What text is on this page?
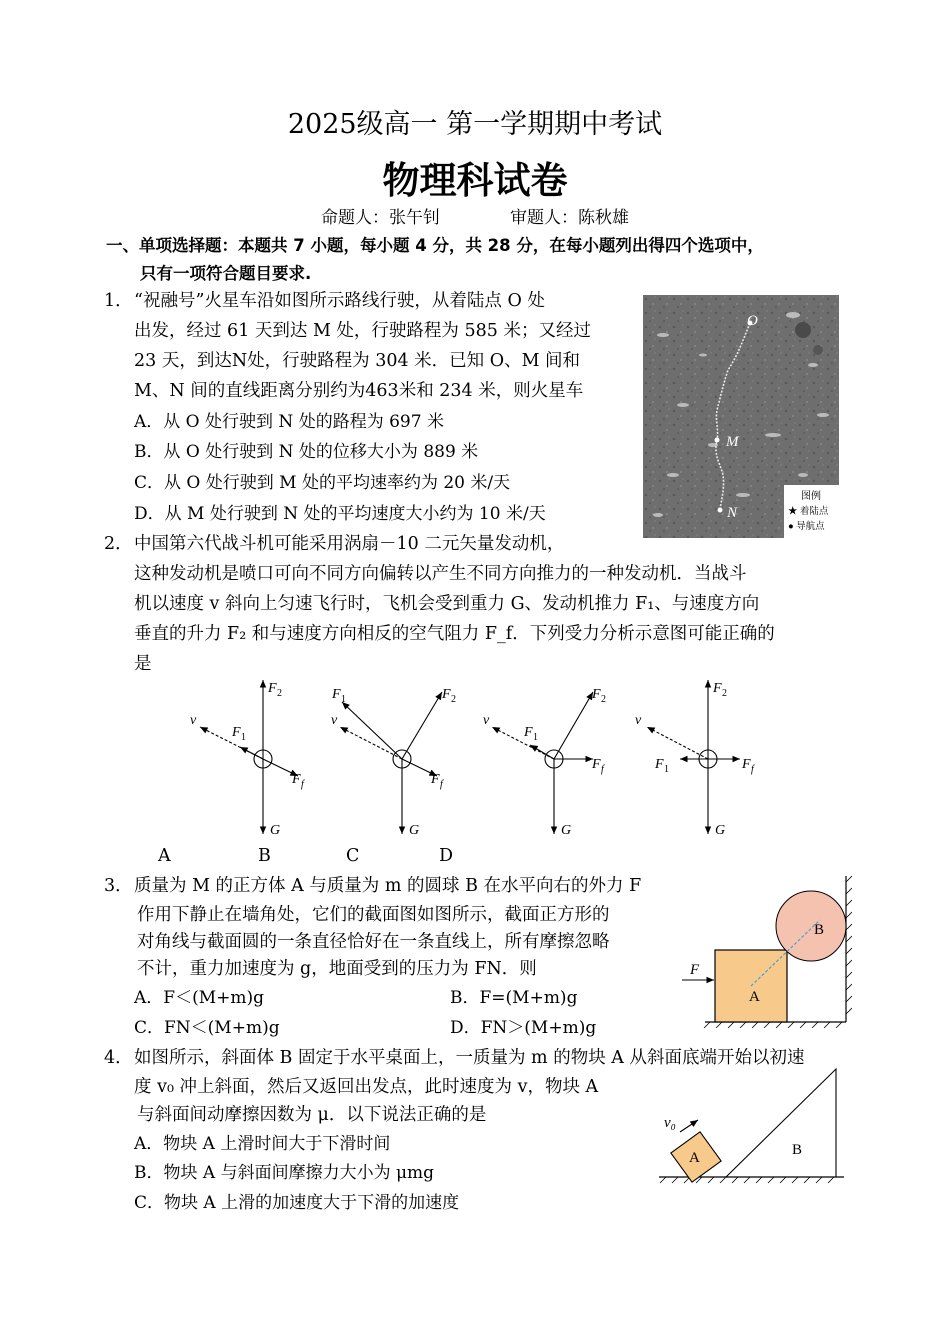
2025级高一 第一学期期中考试
物理科试卷
命题人：张午钊	审题人：陈秋雄
一、单项选择题：本题共 7 小题，每小题 4 分，共 28 分，在每小题列出得四个选项中，
只有一项符合题目要求.
1． “祝融号”火星车沿如图所示路线行驶，从着陆点 O 处
出发，经过 61 天到达 M 处，行驶路程为 585 米；又经过
23 天，到达N处，行驶路程为 304 米．已知 O、M 间和
M、N 间的直线距离分别约为463米和 234 米，则火星车
A．从 O 处行驶到 N 处的路程为 697 米
B．从 O 处行驶到 N 处的位移大小为 889 米
C．从 O 处行驶到 M 处的平均速率约为 20 米/天
D．从 M 处行驶到 N 处的平均速度大小约为 10 米/天
O
M
N
图例
★ 着陆点
● 导航点
2． 中国第六代战斗机可能采用涡扇－10 二元矢量发动机，
这种发动机是喷口可向不同方向偏转以产生不同方向推力的一种发动机．当战斗
机以速度 v 斜向上匀速飞行时，飞机会受到重力 G、发动机推力 F₁、与速度方向
垂直的升力 F₂ 和与速度方向相反的空气阻力 F_f．下列受力分析示意图可能正确的
是
F 2
v
F 1
F f
G
F 1	F 2
v
F f
G
F 2
v
F 1
F f
G
F 2
v
F 1	F f
G
A	B	C	D
3． 质量为 M 的正方体 A 与质量为 m 的圆球 B 在水平向右的外力 F
作用下静止在墙角处，它们的截面图如图所示，截面正方形的
对角线与截面圆的一条直径恰好在一条直线上，所有摩擦忽略
不计，重力加速度为 g，地面受到的压力为 FN．则
A．F＜(M+m)g	B．F=(M+m)g
C．FN＜(M+m)g	D．FN＞(M+m)g
F
A
B
4． 如图所示，斜面体 B 固定于水平桌面上，一质量为 m 的物块 A 从斜面底端开始以初速
度 v₀ 冲上斜面，然后又返回出发点，此时速度为 v，物块 A
与斜面间动摩擦因数为 μ．以下说法正确的是
A．物块 A 上滑时间大于下滑时间
B．物块 A 与斜面间摩擦力大小为 μmg
C．物块 A 上滑的加速度大于下滑的加速度
A
v₀
B
